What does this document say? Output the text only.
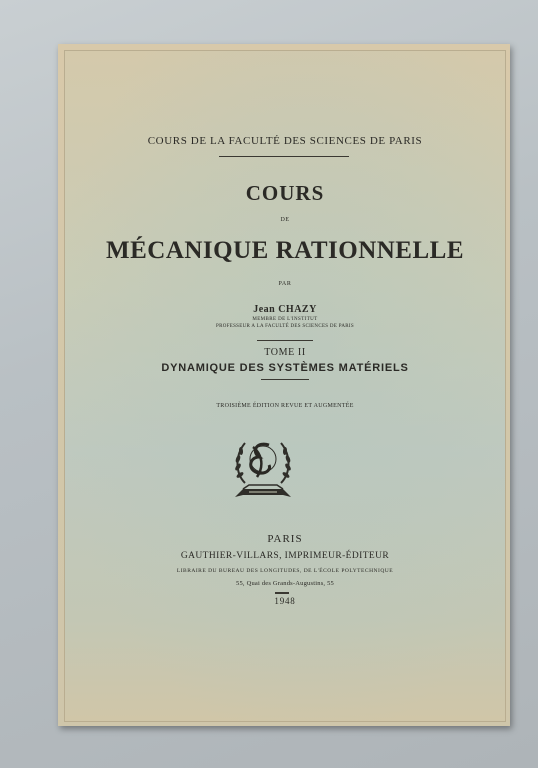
COURS DE LA FACULTÉ DES SCIENCES DE PARIS
COURS
DE
MÉCANIQUE RATIONNELLE
PAR
Jean CHAZY
MEMBRE DE L'INSTITUT
PROFESSEUR A LA FACULTÉ DES SCIENCES DE PARIS
TOME II
DYNAMIQUE DES SYSTÈMES MATÉRIELS
TROISIÈME ÉDITION REVUE ET AUGMENTÉE
PARIS
GAUTHIER-VILLARS, IMPRIMEUR-ÉDITEUR
LIBRAIRE DU BUREAU DES LONGITUDES, DE L'ÉCOLE POLYTECHNIQUE
55, Quai des Grands-Augustins, 55
1948
